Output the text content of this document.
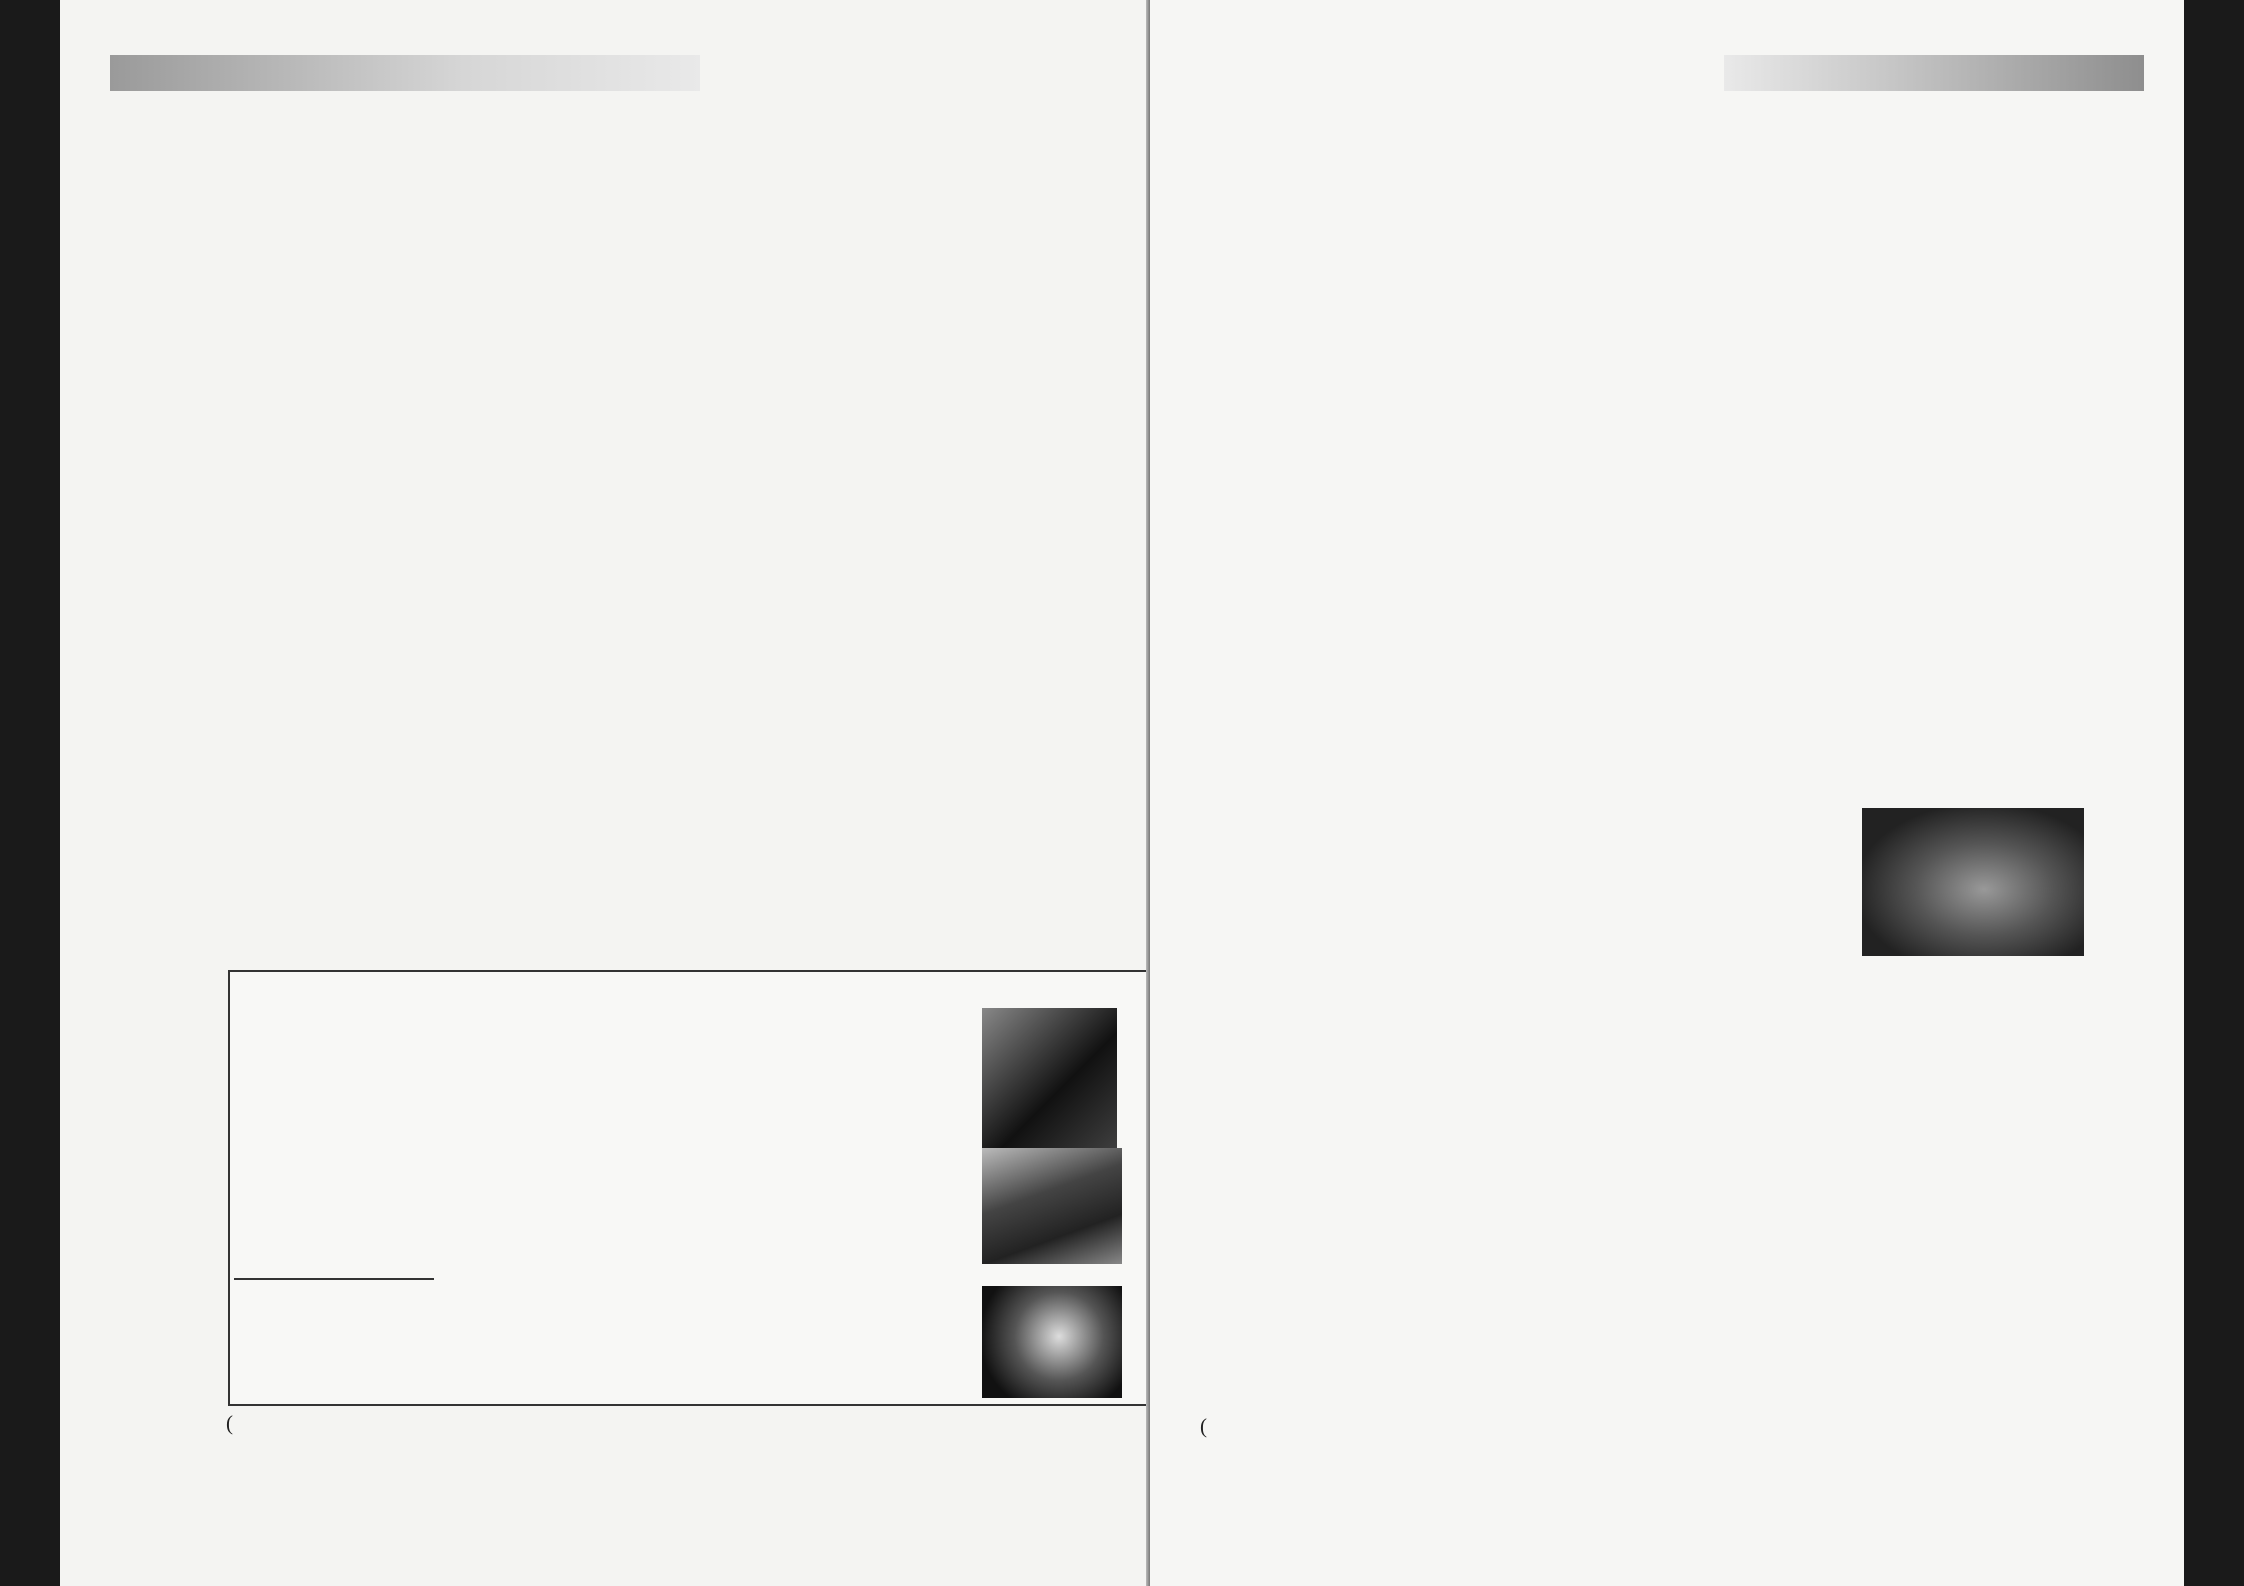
(	(
